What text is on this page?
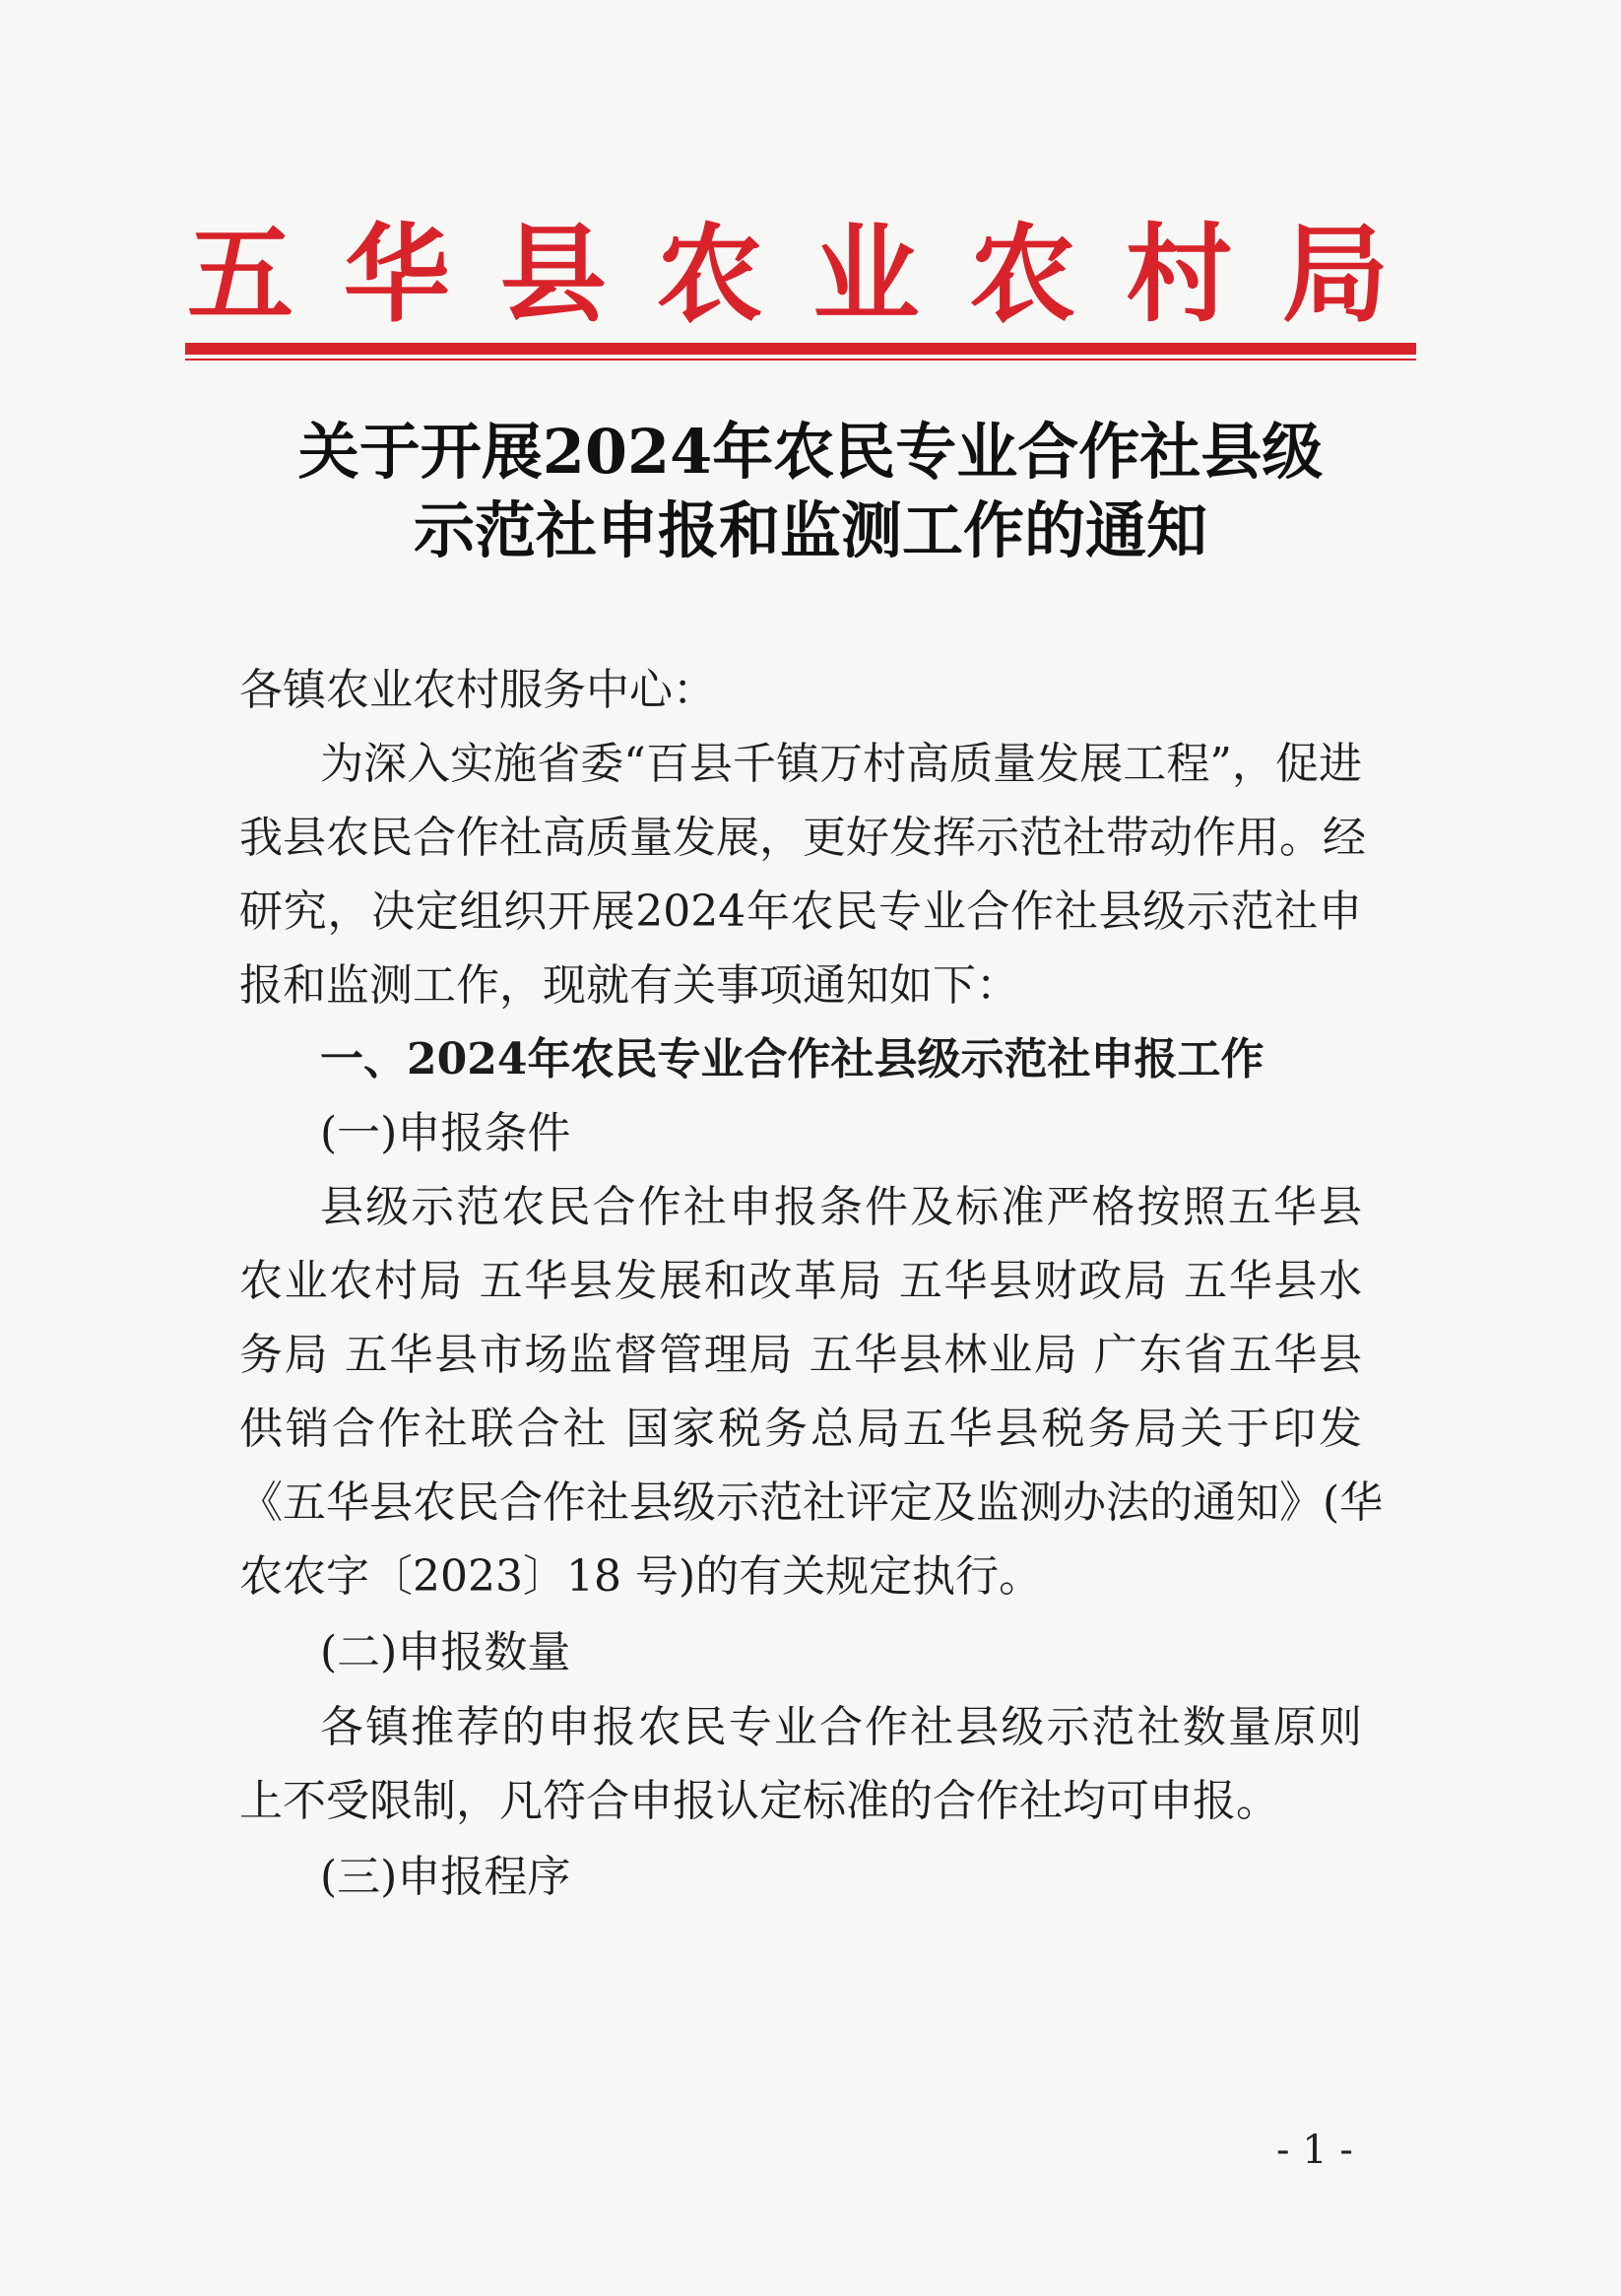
五 华 县 农 业 农 村 局
关于开展2024年农民专业合作社县级
示范社申报和监测工作的通知
各镇农业农村服务中心：
为深入实施省委“百县千镇万村高质量发展工程”，促进
我县农民合作社高质量发展，更好发挥示范社带动作用。经
研究，决定组织开展2024年农民专业合作社县级示范社申
报和监测工作，现就有关事项通知如下：
一、2024年农民专业合作社县级示范社申报工作
(一)申报条件
县级示范农民合作社申报条件及标准严格按照五华县
农业农村局 五华县发展和改革局 五华县财政局 五华县水
务局 五华县市场监督管理局 五华县林业局 广东省五华县
供销合作社联合社 国家税务总局五华县税务局关于印发
《五华县农民合作社县级示范社评定及监测办法的通知》(华
农农字〔2023〕18 号)的有关规定执行。
(二)申报数量
各镇推荐的申报农民专业合作社县级示范社数量原则
上不受限制，凡符合申报认定标准的合作社均可申报。
(三)申报程序
- 1 -
